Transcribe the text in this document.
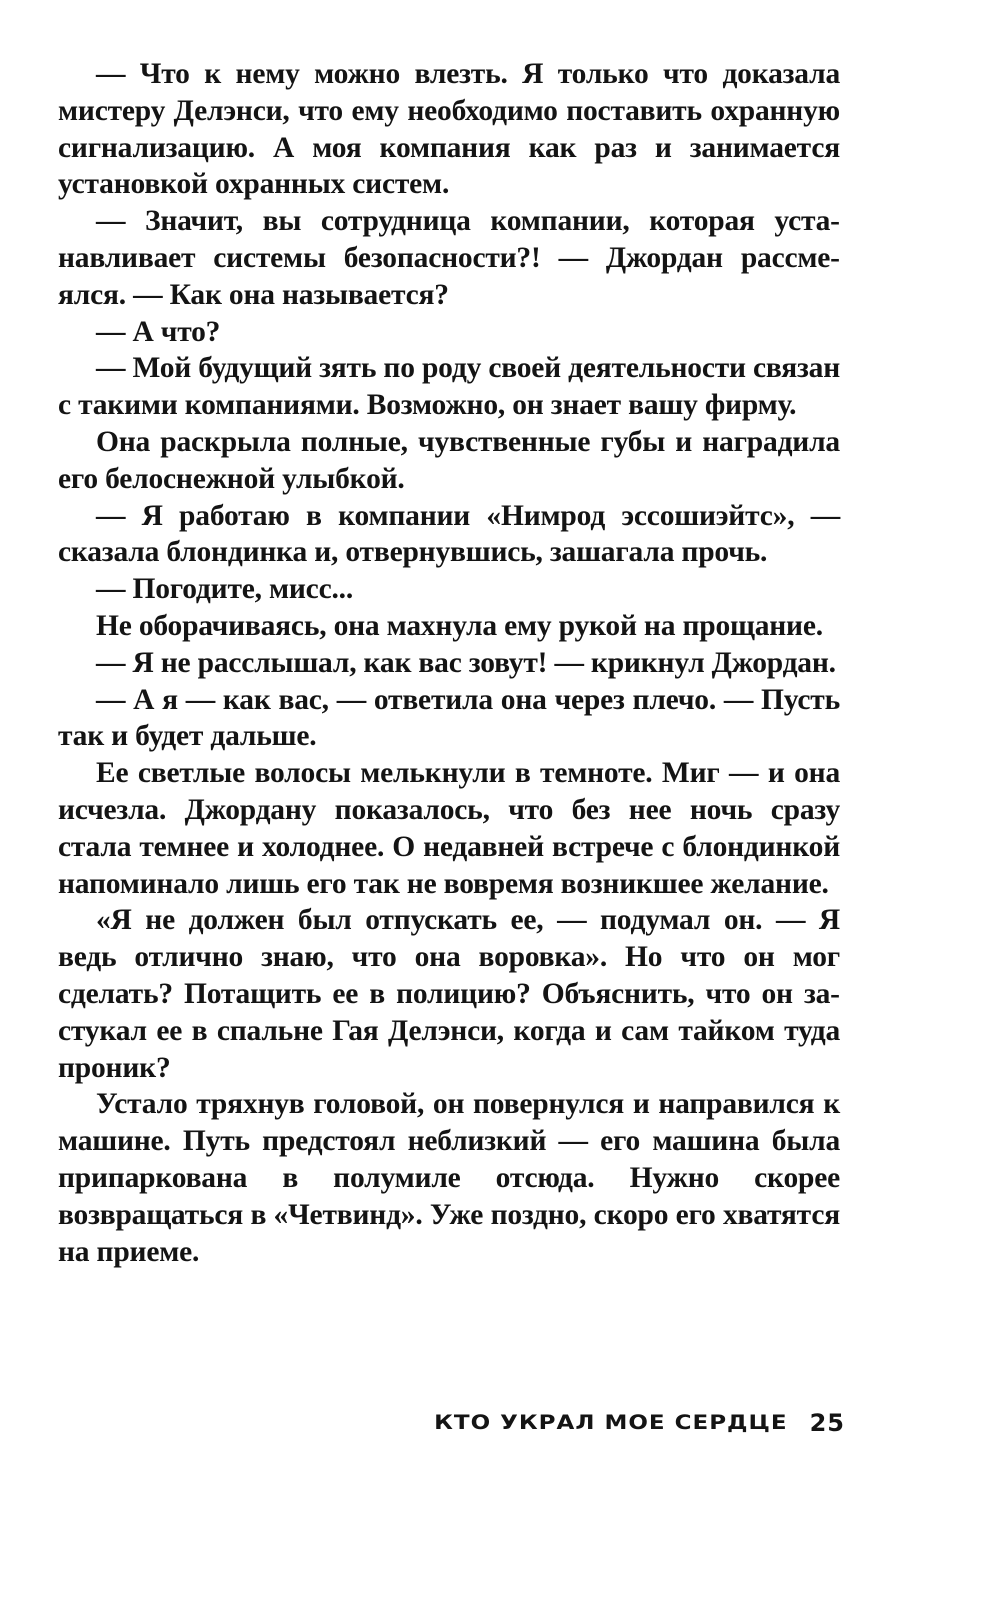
— Что к нему можно влезть. Я только что доказала мистеру Делэнси, что ему необходимо поставить охранную сигнализацию. А моя компания как раз и занимается установкой охранных систем.

— Значит, вы сотрудница компании, которая устанавливает системы безопасности?! — Джордан рассмеялся. — Как она называется?

— А что?

— Мой будущий зять по роду своей деятельности связан с такими компаниями. Возможно, он знает вашу фирму.

Она раскрыла полные, чувственные губы и наградила его белоснежной улыбкой.

— Я работаю в компании «Нимрод эссошиэйтс», — сказала блондинка и, отвернувшись, зашагала прочь.

— Погодите, мисс...

Не оборачиваясь, она махнула ему рукой на прощание.

— Я не расслышал, как вас зовут! — крикнул Джордан.

— А я — как вас, — ответила она через плечо. — Пусть так и будет дальше.

Ее светлые волосы мелькнули в темноте. Миг — и она исчезла. Джордану показалось, что без нее ночь сразу стала темнее и холоднее. О недавней встрече с блондинкой напоминало лишь его так не вовремя возникшее желание.

«Я не должен был отпускать ее, — подумал он. — Я ведь отлично знаю, что она воровка». Но что он мог сделать? Потащить ее в полицию? Объяснить, что он застукал ее в спальне Гая Делэнси, когда и сам тайком туда проник?

Устало тряхнув головой, он повернулся и направился к машине. Путь предстоял неблизкий — его машина была припаркована в полумиле отсюда. Нужно скорее возвращаться в «Четвинд». Уже поздно, скоро его хватятся на приеме.

КТО УКРАЛ МОЕ СЕРДЦЕ 25
